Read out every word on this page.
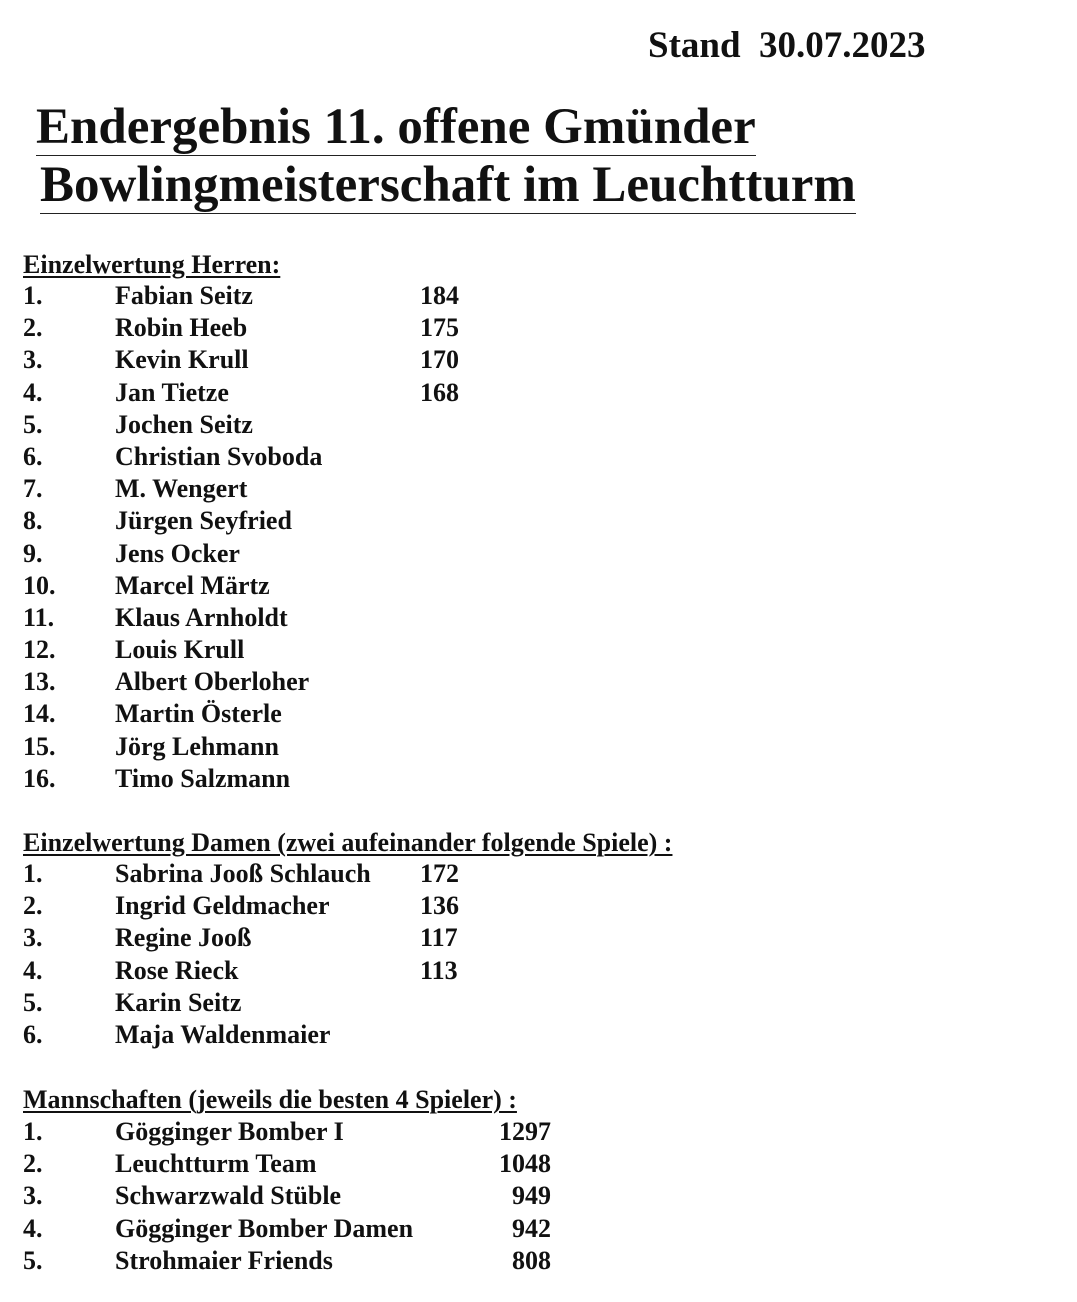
Stand  30.07.2023
Endergebnis 11. offene Gmünder
Bowlingmeisterschaft im Leuchtturm
Einzelwertung Herren:
1.	Fabian Seitz	184
2.	Robin Heeb	175
3.	Kevin Krull	170
4.	Jan Tietze	168
5.	Jochen Seitz
6.	Christian Svoboda
7.	M. Wengert
8.	Jürgen Seyfried
9.	Jens Ocker
10. Marcel Märtz
11. Klaus Arnholdt
12. Louis Krull
13. Albert Oberloher
14. Martin Österle
15. Jörg Lehmann
16. Timo Salzmann
Einzelwertung Damen (zwei aufeinander folgende Spiele) :
1.	Sabrina Jooß Schlauch 172
2.	Ingrid Geldmacher	136
3.	Regine Jooß	117
4.	Rose Rieck	113
5.	Karin Seitz
6.	Maja Waldenmaier
Mannschaften (jeweils die besten 4 Spieler) :
1.	Gögginger Bomber I	1297
2.	Leuchtturm Team	1048
3.	Schwarzwald Stüble	949
4.	Gögginger Bomber Damen	942
5.	Strohmaier Friends	808
